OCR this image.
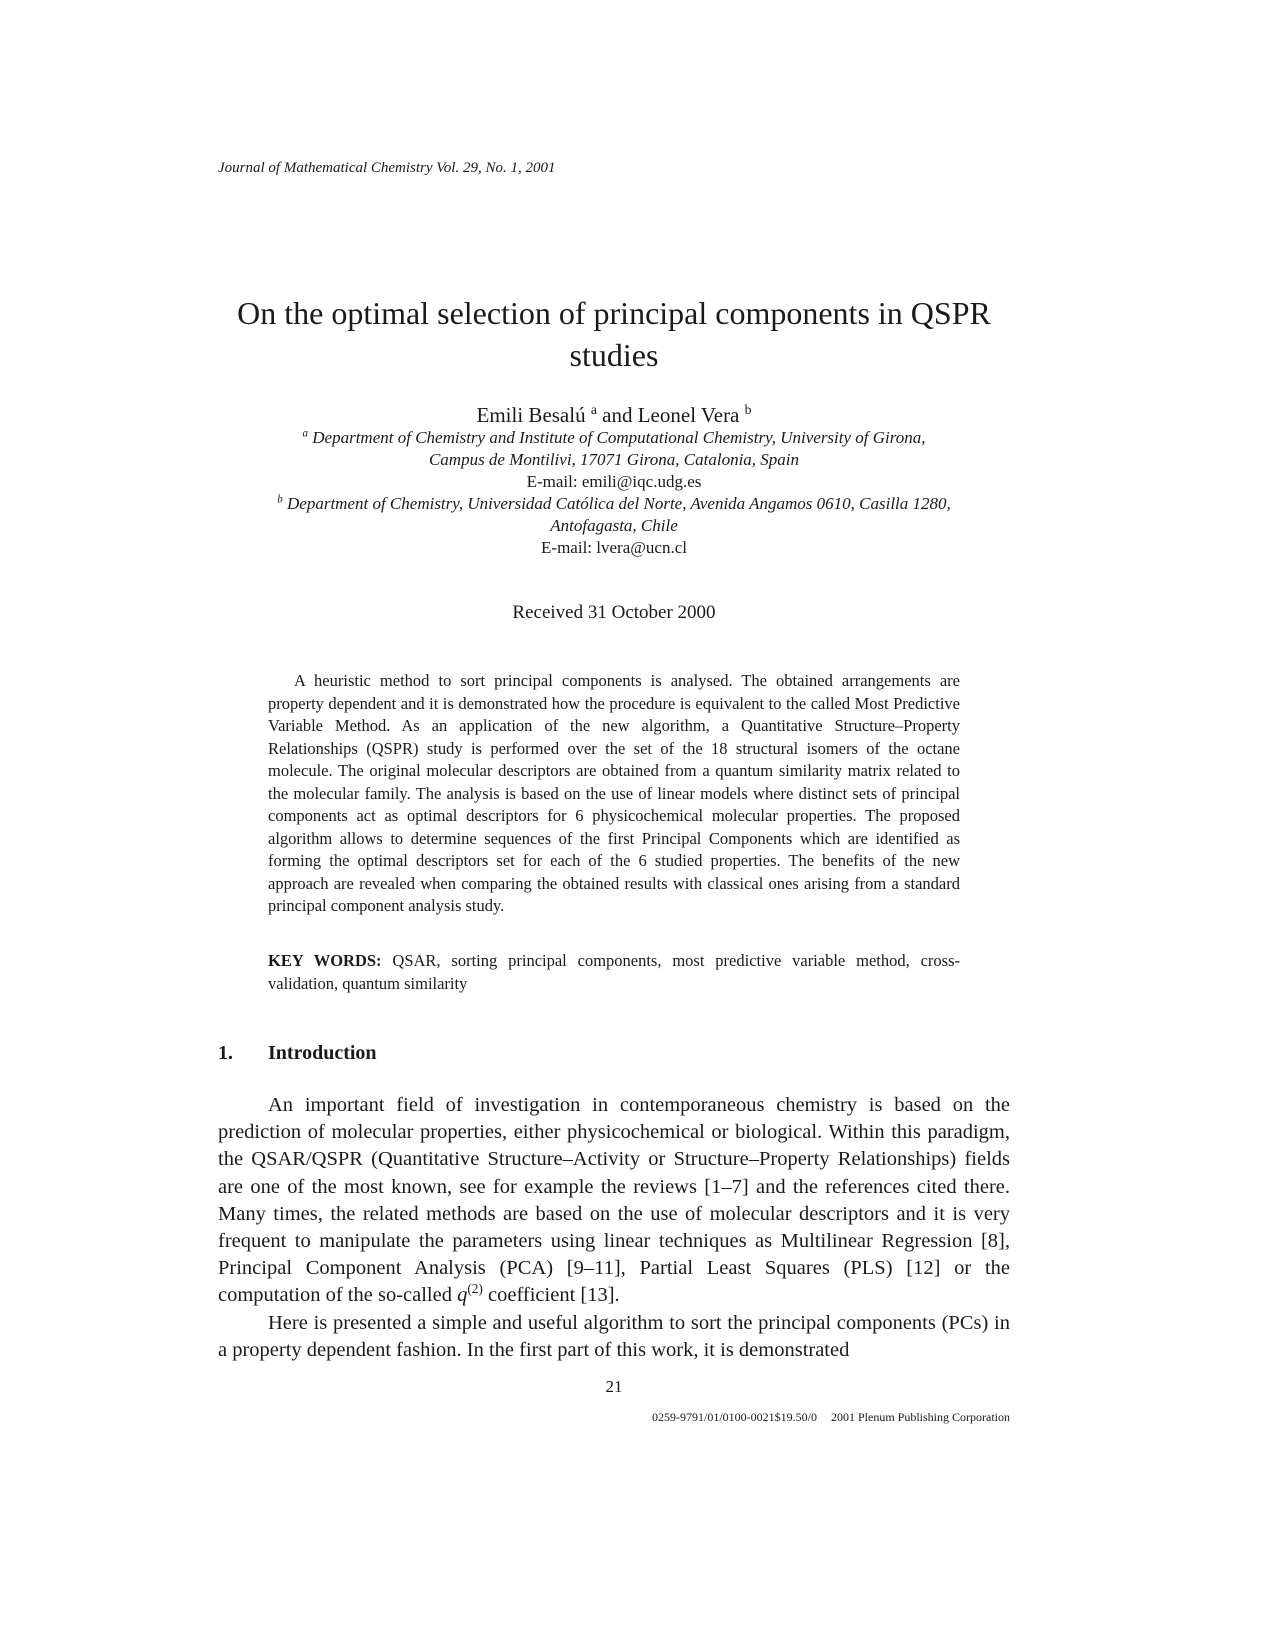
Journal of Mathematical Chemistry Vol. 29, No. 1, 2001
On the optimal selection of principal components in QSPR
studies
Emili Besalú $^a$ and Leonel Vera $^b$
$^a$ Department of Chemistry and Institute of Computational Chemistry, University of Girona,
Campus de Montilivi, 17071 Girona, Catalonia, Spain
E-mail: emili@iqc.udg.es
$^b$ Department of Chemistry, Universidad Católica del Norte, Avenida Angamos 0610, Casilla 1280,
Antofagasta, Chile
E-mail: lvera@ucn.cl
Received 31 October 2000
A heuristic method to sort principal components is analysed. The obtained arrangements are property dependent and it is demonstrated how the procedure is equivalent to the called Most Predictive Variable Method. As an application of the new algorithm, a Quantitative Structure–Property Relationships (QSPR) study is performed over the set of the 18 structural isomers of the octane molecule. The original molecular descriptors are obtained from a quantum similarity matrix related to the molecular family. The analysis is based on the use of linear models where distinct sets of principal components act as optimal descriptors for 6 physicochemical molecular properties. The proposed algorithm allows to determine sequences of the first Principal Components which are identified as forming the optimal descriptors set for each of the 6 studied properties. The benefits of the new approach are revealed when comparing the obtained results with classical ones arising from a standard principal component analysis study.
KEY WORDS: QSAR, sorting principal components, most predictive variable method, cross-validation, quantum similarity
1. Introduction

An important field of investigation in contemporaneous chemistry is based on the prediction of molecular properties, either physicochemical or biological. Within this paradigm, the QSAR/QSPR (Quantitative Structure–Activity or Structure–Property Relationships) fields are one of the most known, see for example the reviews [1–7] and the references cited there. Many times, the related methods are based on the use of molecular descriptors and it is very frequent to manipulate the parameters using linear techniques as Multilinear Regression [8], Principal Component Analysis (PCA) [9–11], Partial Least Squares (PLS) [12] or the computation of the so-called $q^{(2)}$ coefficient [13].

Here is presented a simple and useful algorithm to sort the principal components (PCs) in a property dependent fashion. In the first part of this work, it is demonstrated

21
0259-9791/01/0100-0021$19.50/0 2001 Plenum Publishing Corporation
